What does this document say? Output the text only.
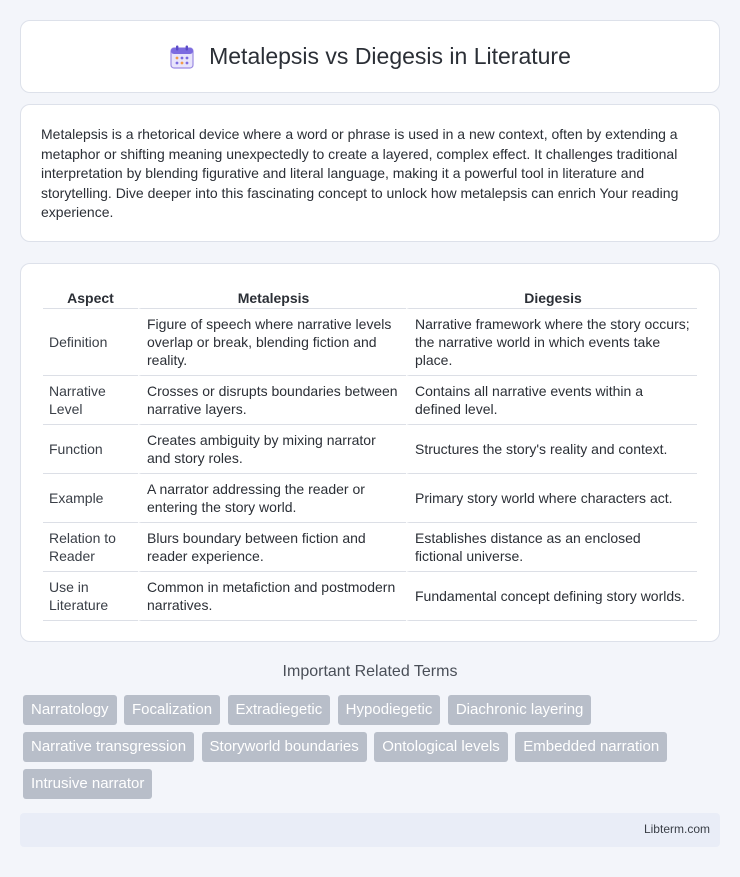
Metalepsis vs Diegesis in Literature

Metalepsis is a rhetorical device where a word or phrase is used in a new context, often by extending a metaphor or shifting meaning unexpectedly to create a layered, complex effect. It challenges traditional interpretation by blending figurative and literal language, making it a powerful tool in literature and storytelling. Dive deeper into this fascinating concept to unlock how metalepsis can enrich Your reading experience.

Aspect	Metalepsis	Diegesis
Definition	Figure of speech where narrative levels overlap or break, blending fiction and reality.	Narrative framework where the story occurs; the narrative world in which events take place.
Narrative Level	Crosses or disrupts boundaries between narrative layers.	Contains all narrative events within a defined level.
Function	Creates ambiguity by mixing narrator and story roles.	Structures the story's reality and context.
Example	A narrator addressing the reader or entering the story world.	Primary story world where characters act.
Relation to Reader	Blurs boundary between fiction and reader experience.	Establishes distance as an enclosed fictional universe.
Use in Literature	Common in metafiction and postmodern narratives.	Fundamental concept defining story worlds.
Important Related Terms
Narratology Focalization Extradiegetic Hypodiegetic Diachronic layering Narrative transgression Storyworld boundaries Ontological levels Embedded narration Intrusive narrator
Libterm.com
